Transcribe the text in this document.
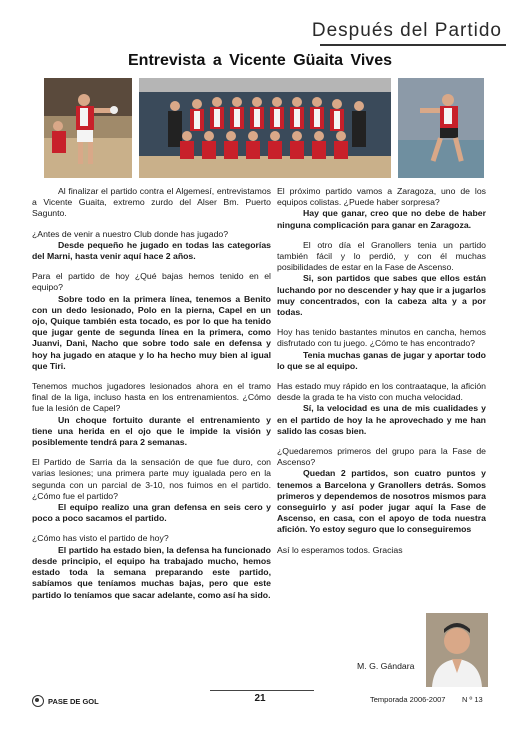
Después del Partido
Entrevista a Vicente Güaita Vives

Al finalizar el partido contra el Algemesí, entrevistamos a Vicente Guaita, extremo zurdo del Alser Bm. Puerto Sagunto.

¿Antes de venir a nuestro Club donde has jugado?

Desde pequeño he jugado en todas las categorías del Marni, hasta venir aquí hace 2 años.

Para el partido de hoy ¿Qué bajas hemos tenido en el equipo?

Sobre todo en la primera línea, tenemos a Benito con un dedo lesionado, Polo en la pierna, Capel en un ojo, Quique también esta tocado, es por lo que ha tenido que jugar gente de segunda línea en la primera, como Juanvi, Dani, Nacho que sobre todo sale en defensa y hoy ha jugado en ataque y lo ha hecho muy bien al igual que Tiri.

Tenemos muchos jugadores lesionados ahora en el tramo final de la liga, incluso hasta en los entrenamientos. ¿Cómo fue la lesión de Capel?

Un choque fortuito durante el entrenamiento y tiene una herida en el ojo que le impide la visión y posiblemente tendrá para 2 semanas.

El Partido de Sarria da la sensación de que fue duro, con varias lesiones; una primera parte muy igualada pero en la segunda con un parcial de 3-10, nos fuimos en el partido. ¿Cómo fue el partido?

El equipo realizo una gran defensa en seis cero y poco a poco sacamos el partido.

¿Cómo has visto el partido de hoy?

El partido ha estado bien, la defensa ha funcionado desde principio, el equipo ha trabajado mucho, hemos estado toda la semana preparando este partido, sabíamos que teníamos muchas bajas, pero que este partido lo teníamos que sacar adelante, como así ha sido.

El próximo partido vamos a Zaragoza, uno de los equipos colistas. ¿Puede haber sorpresa?

Hay que ganar, creo que no debe de haber ninguna complicación para ganar en Zaragoza.

El otro día el Granollers tenia un partido también fácil y lo perdió, y con él muchas posibilidades de estar en la Fase de Ascenso.

Si, son partidos que sabes que ellos están luchando por no descender y hay que ir a jugarlos muy concentrados, con la cabeza alta y a por todas.

Hoy has tenido bastantes minutos en cancha, hemos disfrutado con tu juego. ¿Cómo te has encontrado?

Tenia muchas ganas de jugar y aportar todo lo que se al equipo.

Has estado muy rápido en los contraataque, la afición desde la grada te ha visto con mucha velocidad.

Sí, la velocidad es una de mis cualidades y en el partido de hoy la he aprovechado y me han salido las cosas bien.

¿Quedaremos primeros del grupo para la Fase de Ascenso?

Quedan 2 partidos, son cuatro puntos y tenemos a Barcelona y Granollers detrás. Somos primeros y dependemos de nosotros mismos para conseguirlo y así poder jugar aquí la Fase de Ascenso, en casa, con el apoyo de toda nuestra afición. Yo estoy seguro que lo conseguiremos

Así lo esperamos todos. Gracias

M. G. Gándara
PASE DE GOL	21	Temporada 2006-2007 N º 13
